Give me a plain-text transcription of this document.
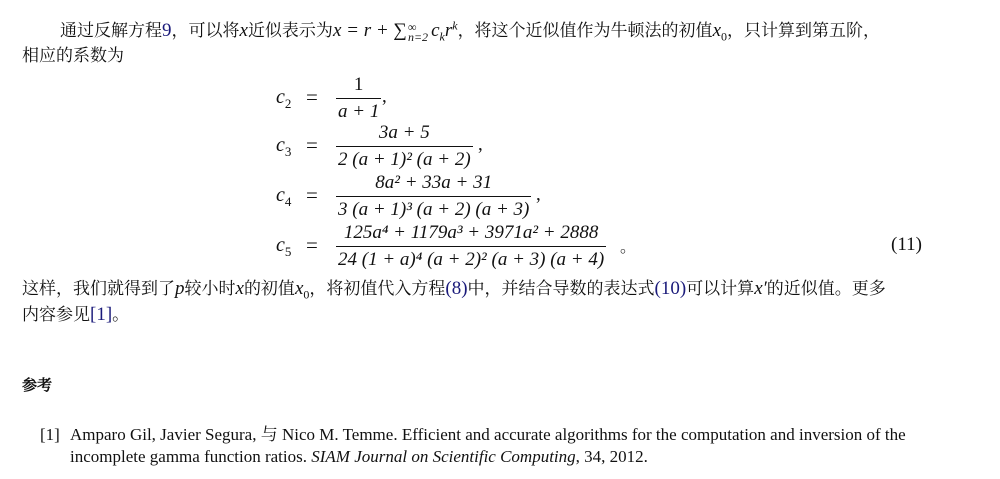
通过反解方程9，可以将x近似表示为x = r + ∑ ∞
n=2 $c_kr^k$，将这个近似值作为牛顿法的初值$x_0$，只计算到第五阶，
相应的系数为
$c_2 = \frac{1}{a + 1}$ ,
$c_3 = \frac{3a + 5}{\text{2 (a + 1)² (a + 2)}}$ ,
$c_4 = \frac{\text{8a² + 33a + 31}}{\text{3 (a + 1)³ (a + 2) (a + 3)}}$ ,
$c_5 = \frac{\text{125a⁴ + 1179a³ + 3971a² + 2888}}{\text{24 (1 + a)⁴ (a + 2)² (a + 3) (a + 4)}}$ 。	(11)
这样，我们就得到了p较小时x的初值$x_0$，将初值代入方程(8)中，并结合导数的表达式(10)可以计算x′的近似值。更多
内容参见[1]。
参考
[1] Amparo Gil, Javier Segura, 与 Nico M. Temme. Efficient and accurate algorithms for the computation and inversion of the incomplete gamma function ratios. SIAM Journal on Scientific Computing, 34, 2012.
